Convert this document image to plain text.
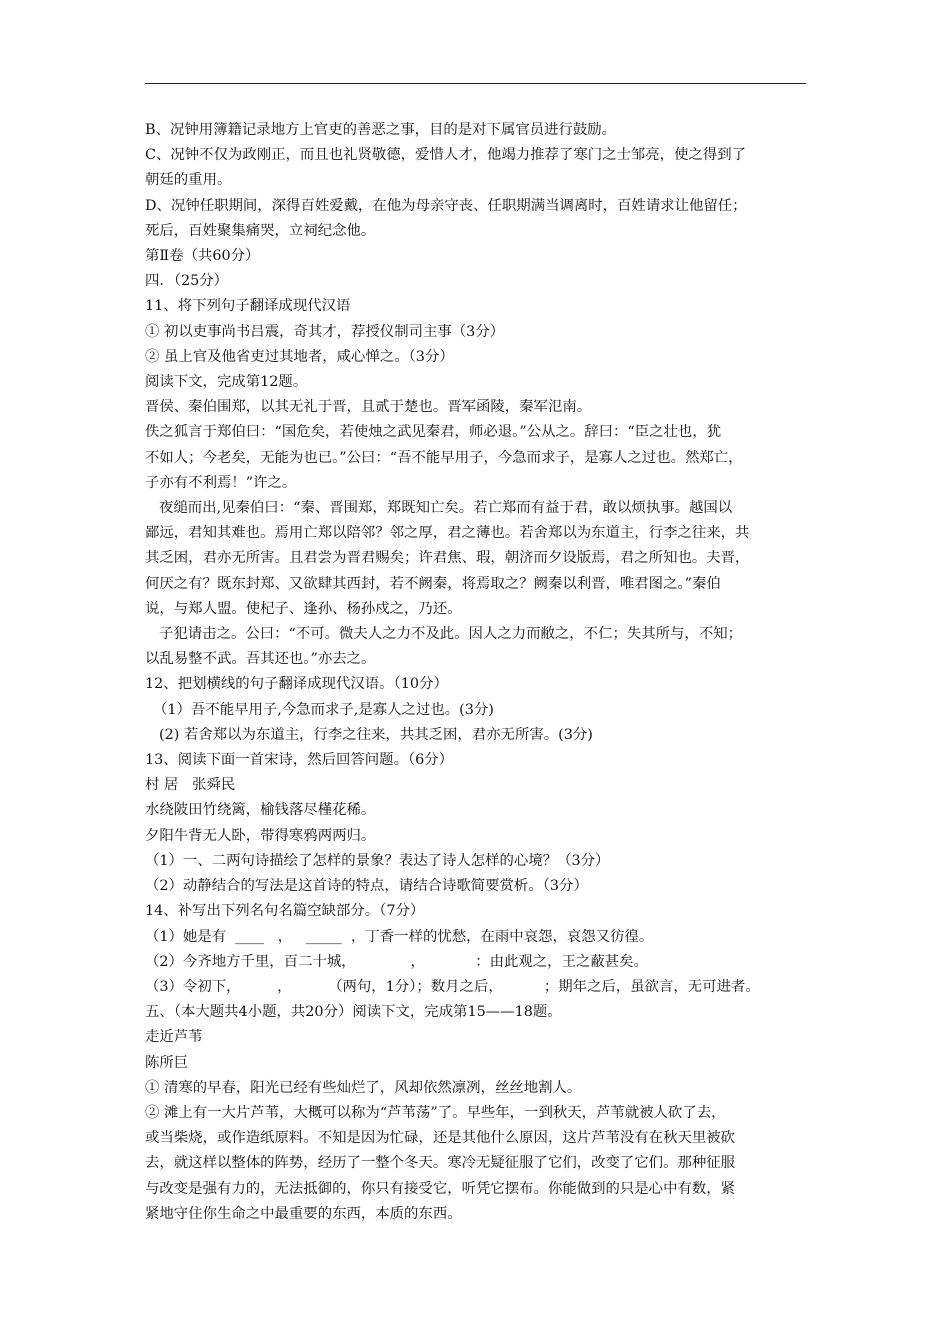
B、况钟用簿籍记录地方上官吏的善恶之事，目的是对下属官员进行鼓励。

C、况钟不仅为政刚正，而且也礼贤敬德，爱惜人才，他竭力推荐了寒门之士邹亮，使之得到了

朝廷的重用。

D、况钟任职期间，深得百姓爱戴，在他为母亲守丧、任职期满当调离时，百姓请求让他留任；

死后，百姓聚集痛哭，立祠纪念他。

第Ⅱ卷（共60分）

四．（25分）

11、将下列句子翻译成现代汉语

① 初以吏事尚书吕震，奇其才，荐授仪制司主事（3分）

② 虽上官及他省吏过其地者，咸心惮之。（3分）

阅读下文，完成第12题。

晋侯、秦伯围郑，以其无礼于晋，且贰于楚也。晋军函陵，秦军氾南。

佚之狐言于郑伯曰：“国危矣，若使烛之武见秦君，师必退。”公从之。辞曰：“臣之壮也，犹

不如人；今老矣，无能为也已。”公曰：“吾不能早用子，今急而求子，是寡人之过也。然郑亡，

子亦有不利焉！”许之。

夜缒而出,见秦伯曰：“秦、晋围郑，郑既知亡矣。若亡郑而有益于君，敢以烦执事。越国以

鄙远，君知其难也。焉用亡郑以陪邻？邻之厚，君之薄也。若舍郑以为东道主，行李之往来，共

其乏困，君亦无所害。且君尝为晋君赐矣；许君焦、瑕，朝济而夕设版焉，君之所知也。夫晋，

何厌之有？既东封郑、又欲肆其西封，若不阙秦，将焉取之？阙秦以利晋，唯君图之。”秦伯

说，与郑人盟。使杞子、逢孙、杨孙戍之，乃还。

子犯请击之。公曰：“不可。微夫人之力不及此。因人之力而敝之，不仁；失其所与，不知；

以乱易整不武。吾其还也。”亦去之。

12、把划横线的句子翻译成现代汉语。（10分）

（1）吾不能早用子,今急而求子,是寡人之过也。(3分)

(2) 若舍郑以为东道主，行李之往来，共其乏困，君亦无所害。(3分)

13、阅读下面一首宋诗，然后回答问题。（6分）

村 居   张舜民

水绕陂田竹绕篱，榆钱落尽槿花稀。

夕阳牛背无人卧，带得寒鸦两两归。

（1）一、二两句诗描绘了怎样的景象？表达了诗人怎样的心境？（3分）

（2）动静结合的写法是这首诗的特点，请结合诗歌简要赏析。（3分）

14、补写出下列名句名篇空缺部分。（7分）

（1）她是有  ____   ，   _____  ，丁香一样的忧愁，在雨中哀怨，哀怨又彷徨。

（2）今齐地方千里，百二十城，            ，           ：由此观之，王之蔽甚矣。

（3）令初下，        ，        （两句，1分）；数月之后，         ；期年之后，虽欲言，无可进者。

五、（本大题共4小题，共20分）阅读下文，完成第15——18题。

走近芦苇

陈所巨

① 清寒的早春，阳光已经有些灿烂了，风却依然凛冽，丝丝地割人。

② 滩上有一大片芦苇，大概可以称为“芦苇荡”了。早些年，一到秋天，芦苇就被人砍了去，

或当柴烧，或作造纸原料。不知是因为忙碌，还是其他什么原因，这片芦苇没有在秋天里被砍

去，就这样以整体的阵势，经历了一整个冬天。寒冷无疑征服了它们，改变了它们。那种征服

与改变是强有力的，无法抵御的，你只有接受它，听凭它摆布。你能做到的只是心中有数，紧

紧地守住你生命之中最重要的东西，本质的东西。
